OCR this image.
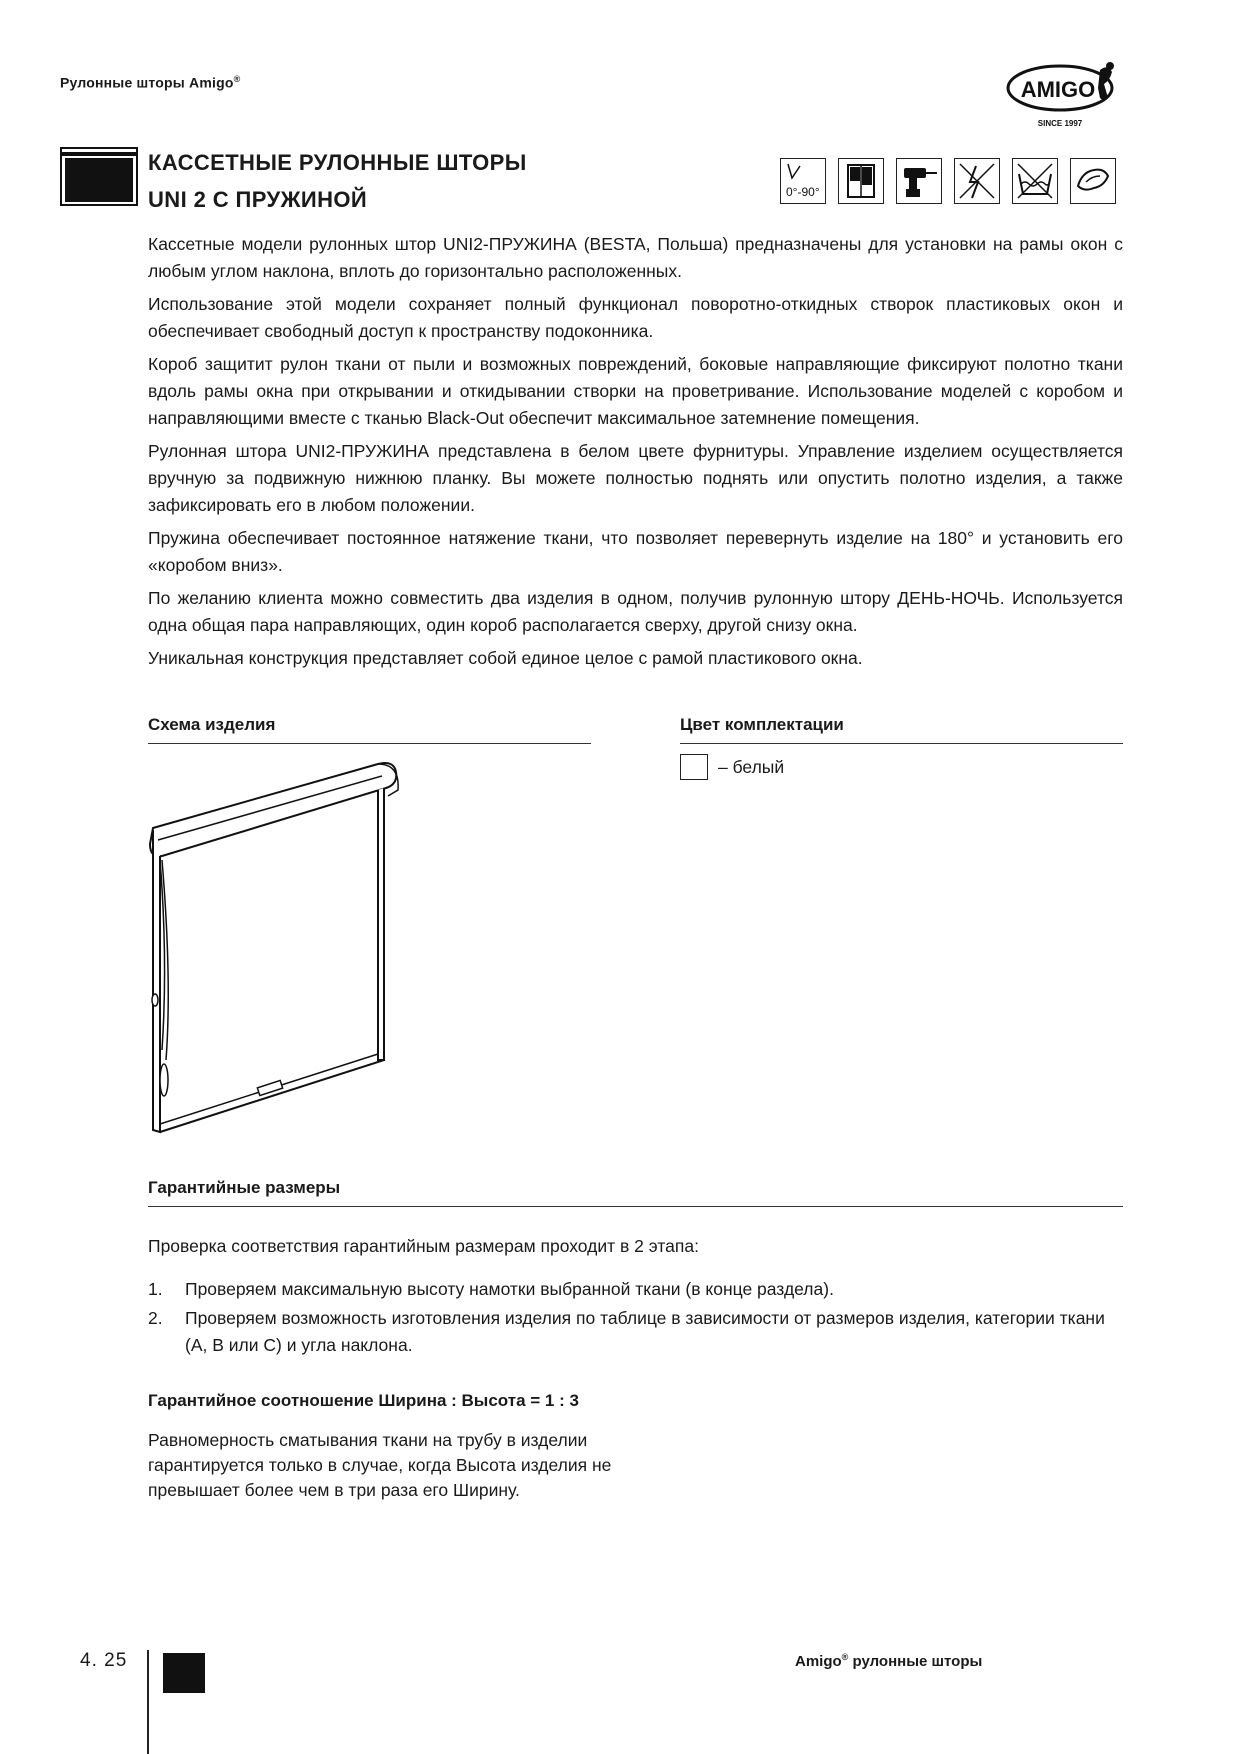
Рулонные шторы Amigo®	AMIGO
SINCE 1997
КАССЕТНЫЕ РУЛОННЫЕ ШТОРЫ
UNI 2 С ПРУЖИНОЙ	0°-90°

Кассетные модели рулонных штор UNI2-ПРУЖИНА (BESTA, Польша) предназначены для установки на рамы окон с любым углом наклона, вплоть до горизонтально расположенных.

Использование этой модели сохраняет полный функционал поворотно-откидных створок пластиковых окон и обеспечивает свободный доступ к пространству подоконника.

Короб защитит рулон ткани от пыли и возможных повреждений, боковые направляющие фиксируют полотно ткани вдоль рамы окна при открывании и откидывании створки на проветривание. Использование моделей с коробом и направляющими вместе с тканью Black-Out обеспечит максимальное затемнение помещения.

Рулонная штора UNI2-ПРУЖИНА представлена в белом цвете фурнитуры. Управление изделием осуществляется вручную за подвижную нижнюю планку. Вы можете полностью поднять или опустить полотно изделия, а также зафиксировать его в любом положении.

Пружина обеспечивает постоянное натяжение ткани, что позволяет перевернуть изделие на 180° и установить его «коробом вниз».

По желанию клиента можно совместить два изделия в одном, получив рулонную штору ДЕНЬ-НОЧЬ. Используется одна общая пара направляющих, один короб располагается сверху, другой снизу окна.

Уникальная конструкция представляет собой единое целое с рамой пластикового окна.

Схема изделия	Цвет комплектации
– белый
Гарантийные размеры
Проверка соответствия гарантийным размерам проходит в 2 этапа:
1.	Проверяем максимальную высоту намотки выбранной ткани (в конце раздела).
2.	Проверяем возможность изготовления изделия по таблице в зависимости от размеров изделия, категории ткани (A, B или C) и угла наклона.
Гарантийное соотношение Ширина : Высота = 1 : 3
Равномерность сматывания ткани на трубу в изделии гарантируется только в случае, когда Высота изделия не превышает более чем в три раза его Ширину.
4. 25	Amigo® рулонные шторы
